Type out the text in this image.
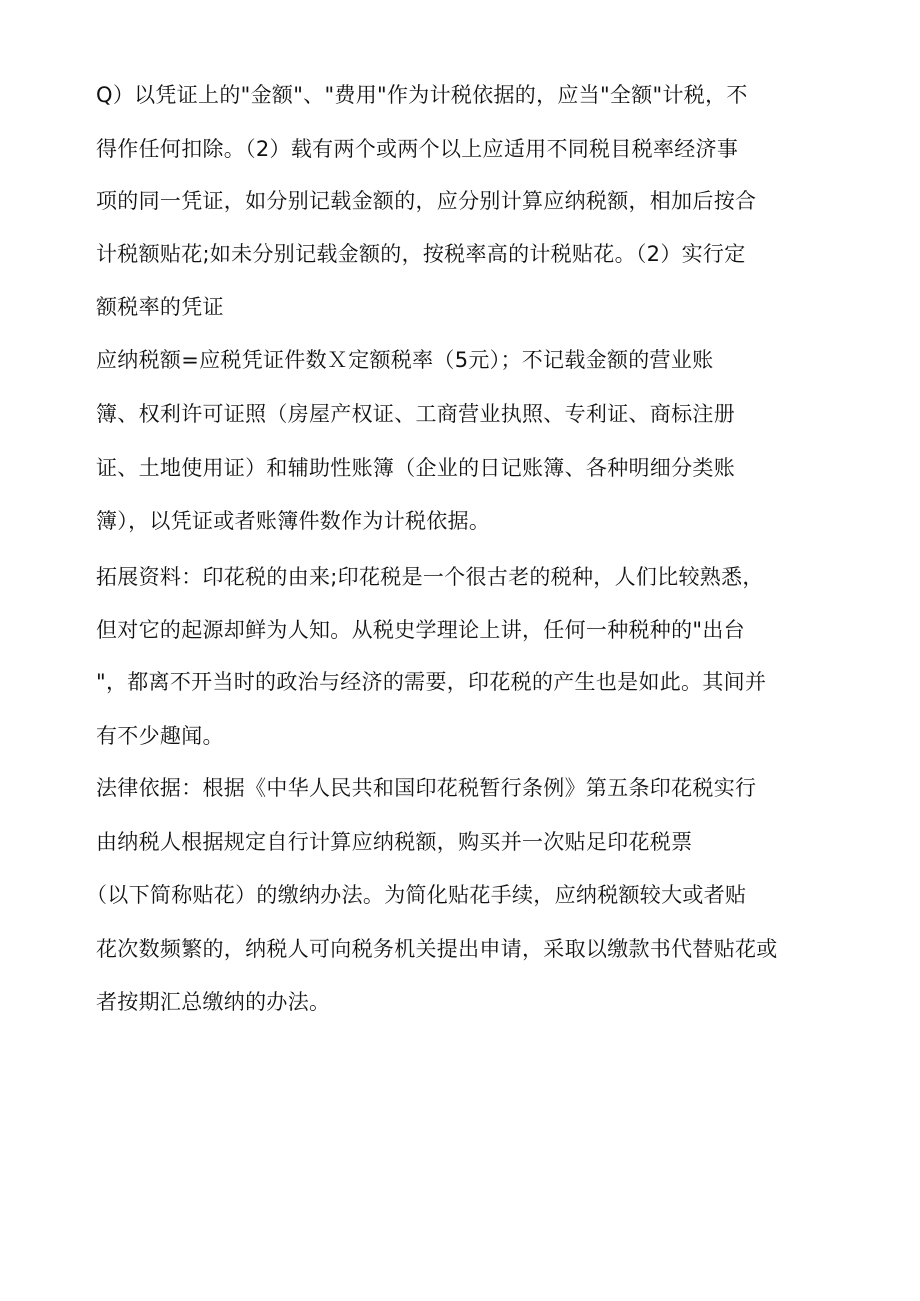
Q）以凭证上的"金额"、"费用"作为计税依据的，应当"全额"计税，不
得作任何扣除。（2）载有两个或两个以上应适用不同税目税率经济事
项的同一凭证，如分别记载金额的，应分别计算应纳税额，相加后按合
计税额贴花;如未分别记载金额的，按税率高的计税贴花。（2）实行定
额税率的凭证
应纳税额=应税凭证件数Ｘ定额税率（5元）；不记载金额的营业账
簿、权利许可证照（房屋产权证、工商营业执照、专利证、商标注册
证、土地使用证）和辅助性账簿（企业的日记账簿、各种明细分类账
簿），以凭证或者账簿件数作为计税依据。
拓展资料：印花税的由来;印花税是一个很古老的税种，人们比较熟悉，
但对它的起源却鲜为人知。从税史学理论上讲，任何一种税种的"出台
"，都离不开当时的政治与经济的需要，印花税的产生也是如此。其间并
有不少趣闻。
法律依据：根据《中华人民共和国印花税暂行条例》第五条印花税实行
由纳税人根据规定自行计算应纳税额，购买并一次贴足印花税票
（以下简称贴花）的缴纳办法。为简化贴花手续，应纳税额较大或者贴
花次数频繁的，纳税人可向税务机关提出申请，采取以缴款书代替贴花或
者按期汇总缴纳的办法。
